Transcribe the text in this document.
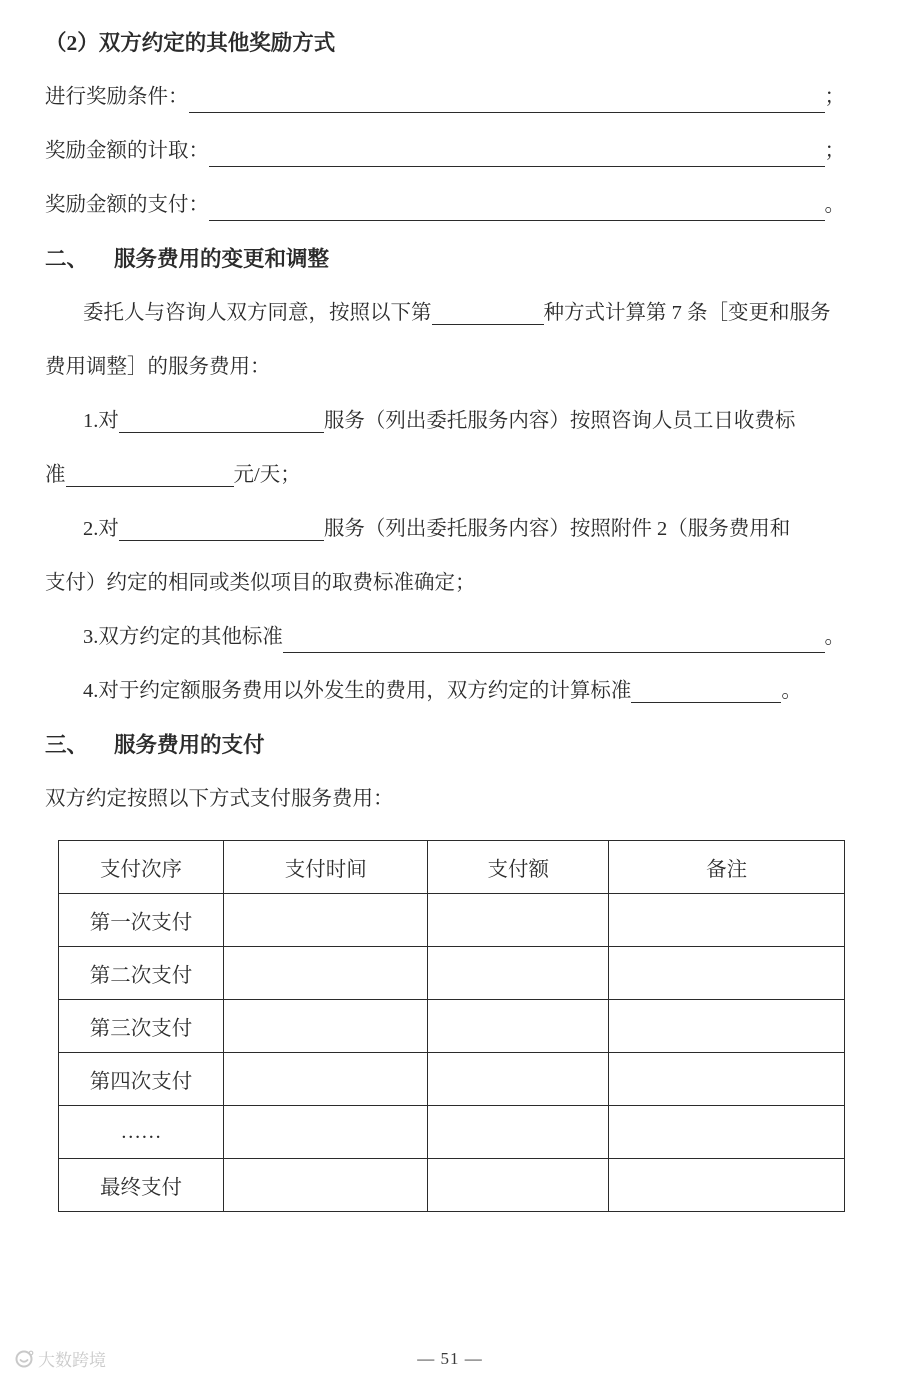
（2）双方约定的其他奖励方式
进行奖励条件：	；
奖励金额的计取：	；
奖励金额的支付：	。
二、 服务费用的变更和调整
委托人与咨询人双方同意，按照以下第	种方式计算第 7 条［变更和服务
费用调整］的服务费用：
1.对	服务（列出委托服务内容）按照咨询人员工日收费标
准	元/天；
2.对	服务（列出委托服务内容）按照附件 2（服务费用和
支付）约定的相同或类似项目的取费标准确定；
3.双方约定的其他标准	。
4.对于约定额服务费用以外发生的费用，双方约定的计算标准	。
三、 服务费用的支付
双方约定按照以下方式支付服务费用：
支付次序	支付时间	支付额	备注
第一次支付			
第二次支付			
第三次支付			
第四次支付			
……			
最终支付			
大数跨境	— 51 —
